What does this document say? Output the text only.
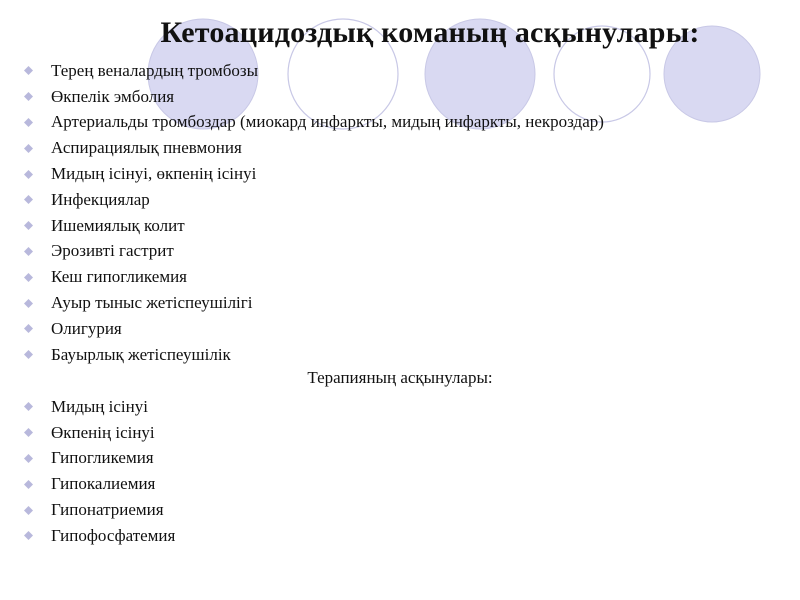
Кетоацидоздық команың асқынулары:
Терең веналардың тромбозы
Өкпелік эмболия
Артериальды тромбоздар (миокард инфаркты, мидың инфаркты, некроздар)
Аспирациялық пневмония
Мидың ісінуі, өкпенің ісінуі
Инфекциялар
Ишемиялық колит
Эрозивті гастрит
Кеш гипогликемия
Ауыр тыныс жетіспеушілігі
Олигурия
Бауырлық жетіспеушілік
Терапияның асқынулары:
Мидың ісінуі
Өкпенің ісінуі
Гипогликемия
Гипокалиемия
Гипонатриемия
Гипофосфатемия
